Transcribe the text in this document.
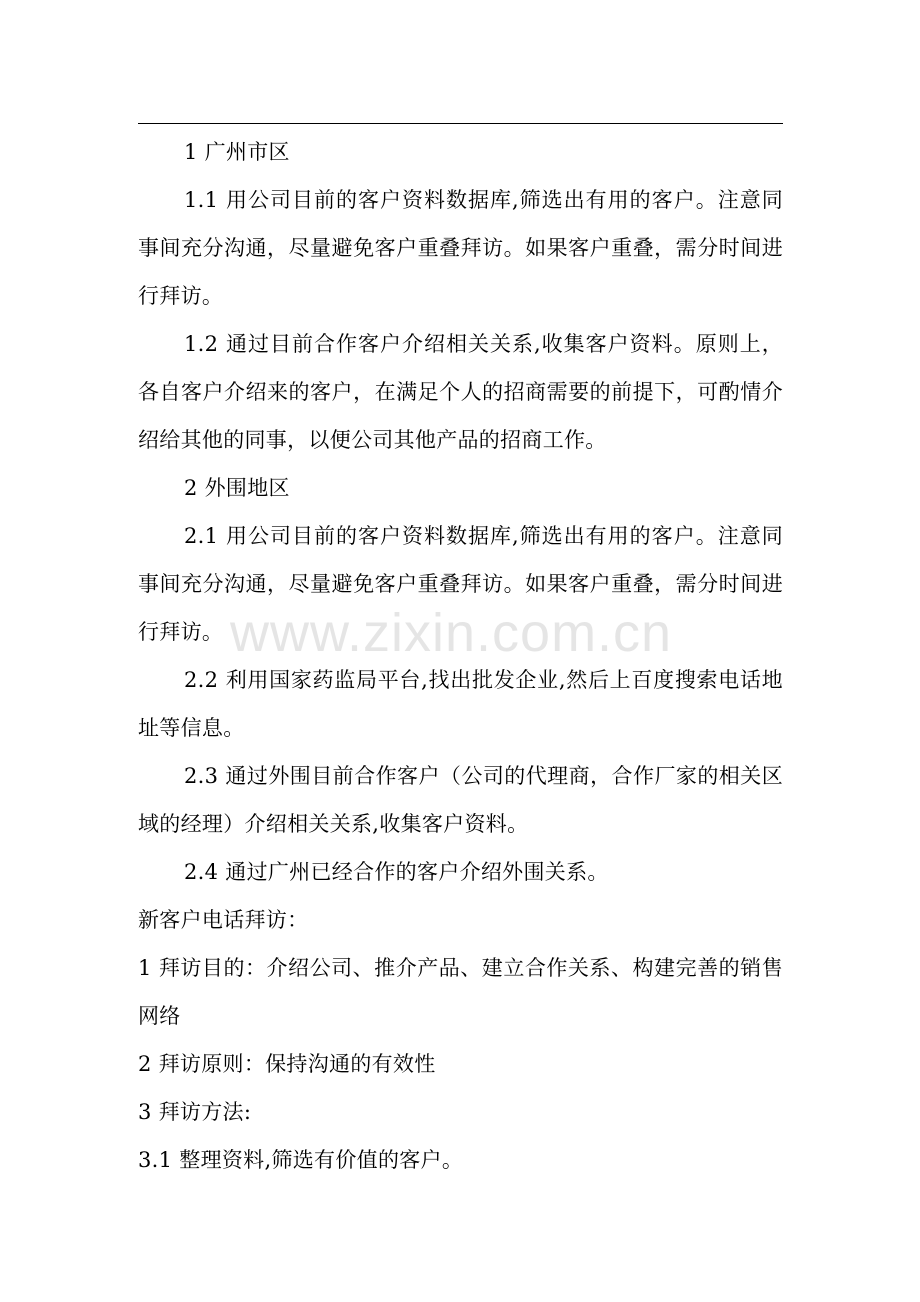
1 广州市区

1.1 用公司目前的客户资料数据库,筛选出有用的客户。注意同事间充分沟通，尽量避免客户重叠拜访。如果客户重叠，需分时间进行拜访。

1.2 通过目前合作客户介绍相关关系,收集客户资料。原则上，各自客户介绍来的客户，在满足个人的招商需要的前提下，可酌情介绍给其他的同事，以便公司其他产品的招商工作。

2 外围地区

2.1 用公司目前的客户资料数据库,筛选出有用的客户。注意同事间充分沟通，尽量避免客户重叠拜访。如果客户重叠，需分时间进行拜访。

2.2 利用国家药监局平台,找出批发企业,然后上百度搜索电话地址等信息。

2.3 通过外围目前合作客户（公司的代理商，合作厂家的相关区域的经理）介绍相关关系,收集客户资料。

2.4 通过广州已经合作的客户介绍外围关系。

新客户电话拜访：

1 拜访目的：介绍公司、推介产品、建立合作关系、构建完善的销售网络

2 拜访原则：保持沟通的有效性

3 拜访方法:

3.1 整理资料,筛选有价值的客户。

www.zixin.com.cn
